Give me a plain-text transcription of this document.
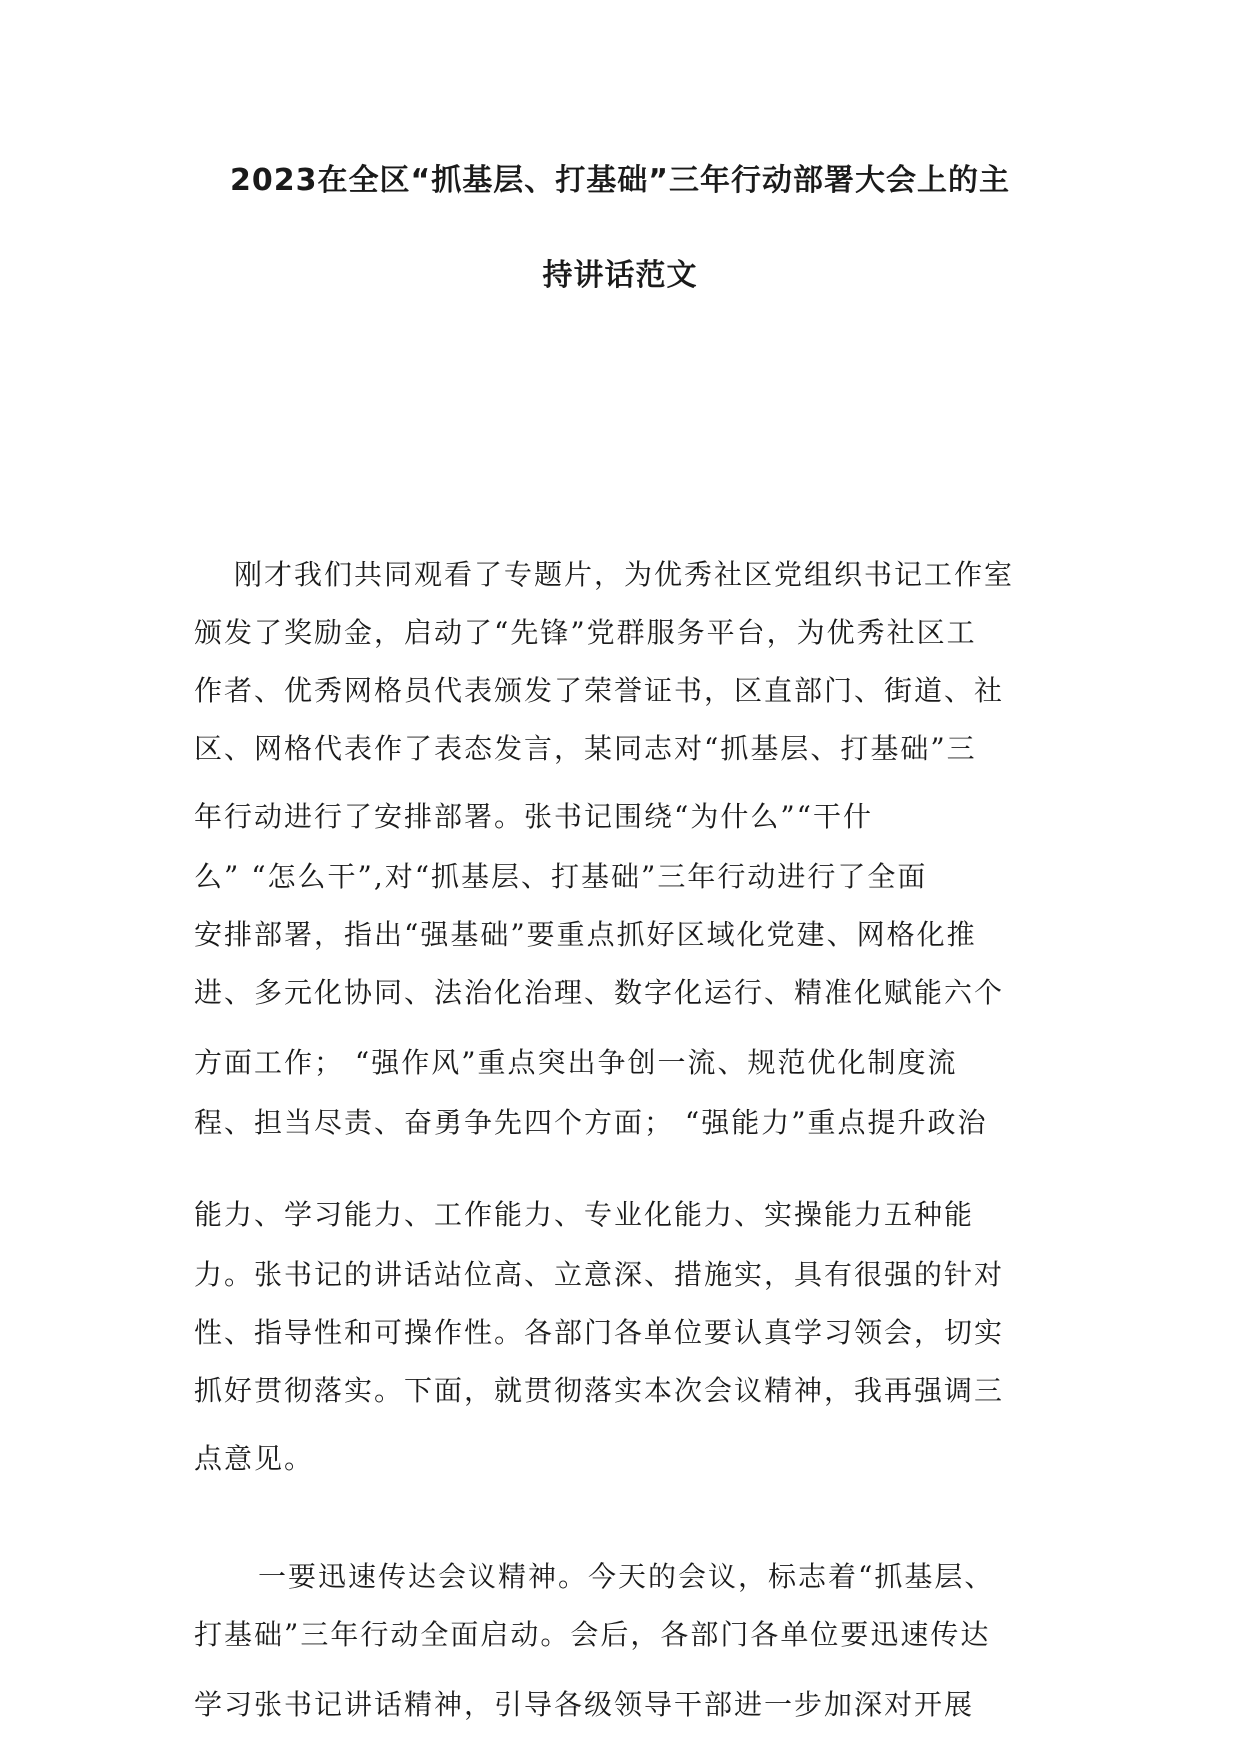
2023在全区“抓基层、打基础”三年行动部署大会上的主
持讲话范文
刚才我们共同观看了专题片，为优秀社区党组织书记工作室
颁发了奖励金，启动了“先锋”党群服务平台，为优秀社区工
作者、优秀网格员代表颁发了荣誉证书，区直部门、街道、社
区、网格代表作了表态发言，某同志对“抓基层、打基础”三
年行动进行了安排部署。张书记围绕“为什么”“干什
么” “怎么干”,对“抓基层、打基础”三年行动进行了全面
安排部署，指出“强基础”要重点抓好区域化党建、网格化推
进、多元化协同、法治化治理、数字化运行、精准化赋能六个
方面工作； “强作风”重点突出争创一流、规范优化制度流
程、担当尽责、奋勇争先四个方面； “强能力”重点提升政治
能力、学习能力、工作能力、专业化能力、实操能力五种能
力。张书记的讲话站位高、立意深、措施实，具有很强的针对
性、指导性和可操作性。各部门各单位要认真学习领会，切实
抓好贯彻落实。下面，就贯彻落实本次会议精神，我再强调三
点意见。
一要迅速传达会议精神。今天的会议，标志着“抓基层、
打基础”三年行动全面启动。会后，各部门各单位要迅速传达
学习张书记讲话精神，引导各级领导干部进一步加深对开展
